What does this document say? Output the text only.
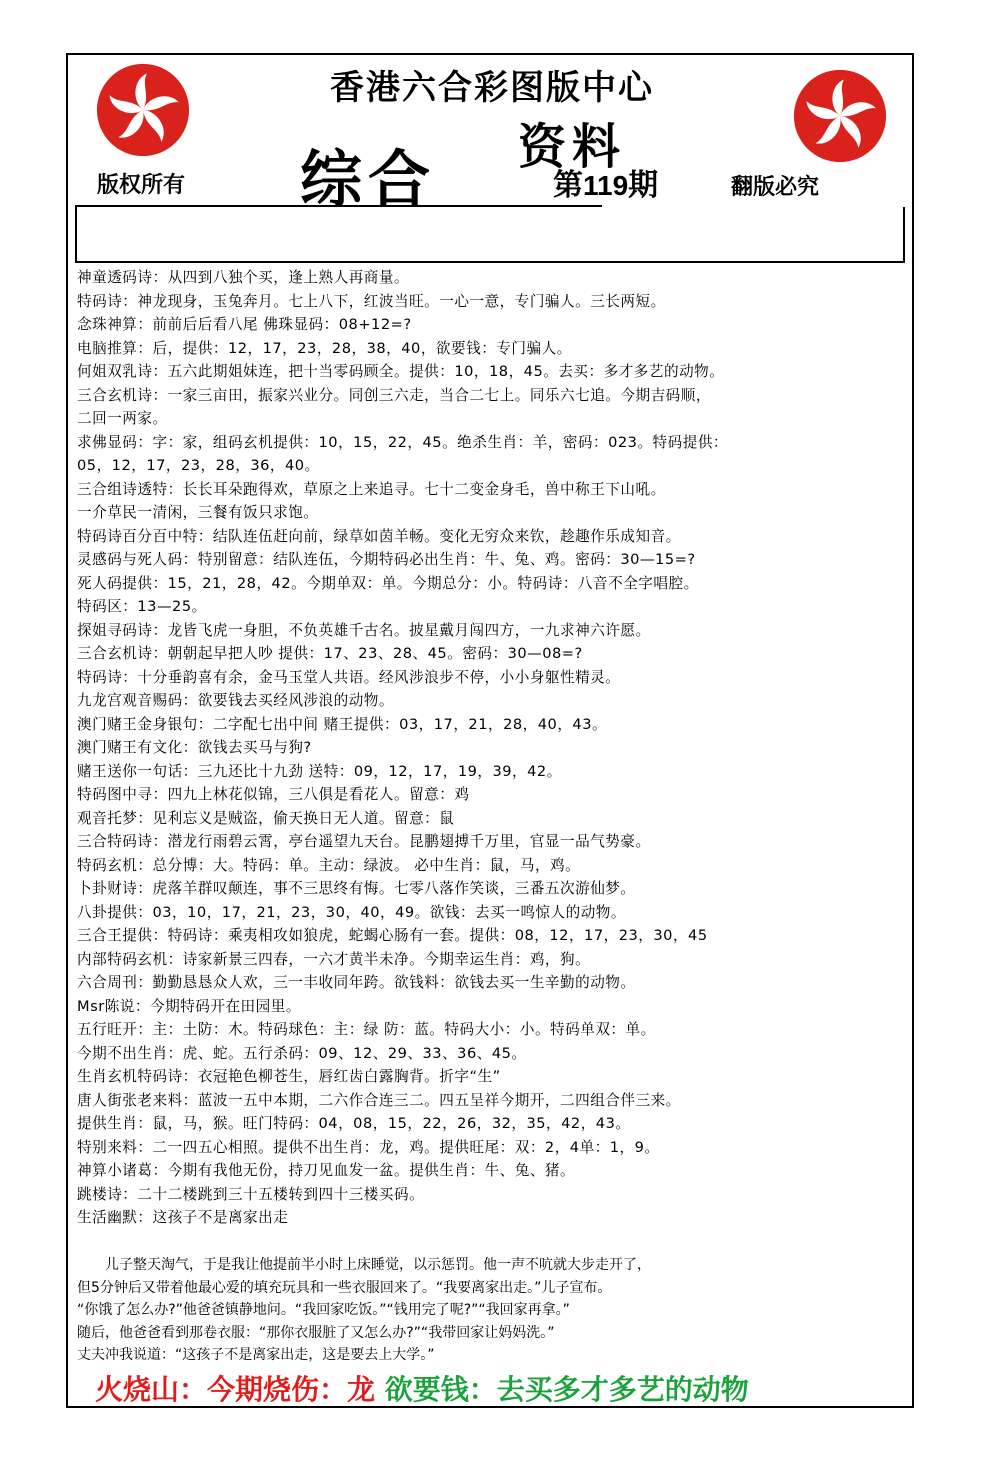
香港六合彩图版中心
版权所有	翻版必究
综合 资料
第119期
神童透码诗：从四到八独个买，逢上熟人再商量。
特码诗：神龙现身，玉兔奔月。七上八下，红波当旺。一心一意，专门骗人。三长两短。
念珠神算：前前后后看八尾 佛珠显码：08+12=?
电脑推算：后，提供：12，17，23，28，38，40，欲要钱：专门骗人。
何姐双乳诗：五六此期姐妹连，把十当零码顾全。提供：10，18，45。去买：多才多艺的动物。
三合玄机诗：一家三亩田，振家兴业分。同创三六走，当合二七上。同乐六七追。今期吉码顺，
二回一两家。
求佛显码：字：家，组码玄机提供：10，15，22，45。绝杀生肖：羊，密码：023。特码提供：
05，12，17，23，28，36，40。
三合组诗透特：长长耳朵跑得欢，草原之上来追寻。七十二变金身毛，兽中称王下山吼。
一介草民一清闲，三餐有饭只求饱。
特码诗百分百中特：结队连伍赶向前，绿草如茵羊畅。变化无穷众来钦，趁趣作乐成知音。
灵感码与死人码：特别留意：结队连伍，今期特码必出生肖：牛、兔、鸡。密码：30—15=?
死人码提供：15，21，28，42。今期单双：单。今期总分：小。特码诗：八音不全字唱腔。
特码区：13—25。
探姐寻码诗：龙皆飞虎一身胆，不负英雄千古名。披星戴月闯四方，一九求神六许愿。
三合玄机诗：朝朝起早把人吵 提供：17、23、28、45。密码：30—08=?
特码诗：十分垂韵喜有余，金马玉堂人共语。经风涉浪步不停，小小身躯性精灵。
九龙宫观音赐码：欲要钱去买经风涉浪的动物。
澳门赌王金身银句：二字配七出中间 赌王提供：03，17，21，28，40，43。
澳门赌王有文化：欲钱去买马与狗?
赌王送你一句话：三九还比十九劲 送特：09，12，17，19，39，42。
特码图中寻：四九上林花似锦，三八俱是看花人。留意：鸡
观音托梦：见利忘义是贼盗，偷天换日无人道。留意：鼠
三合特码诗：潜龙行雨碧云霄，亭台遥望九天台。昆鹏翅搏千万里，官显一品气势豪。
特码玄机：总分博：大。特码：单。主动：绿波。 必中生肖：鼠，马，鸡。
卜卦财诗：虎落羊群叹颠连，事不三思终有悔。七零八落作笑谈，三番五次游仙梦。
八卦提供：03，10，17，21，23，30，40，49。欲钱：去买一鸣惊人的动物。
三合王提供：特码诗：乘夷相攻如狼虎，蛇蝎心肠有一套。提供：08，12，17，23，30，45
内部特码玄机：诗家新景三四春，一六才黄半未净。今期幸运生肖：鸡，狗。
六合周刊：勤勤恳恳众人欢，三一丰收同年跨。欲钱料：欲钱去买一生辛勤的动物。
Msr陈说：今期特码开在田园里。
五行旺开：主：土防：木。特码球色：主：绿 防：蓝。特码大小：小。特码单双：单。
今期不出生肖：虎、蛇。五行杀码：09、12、29、33、36、45。
生肖玄机特码诗：衣冠艳色柳苍生，唇红齿白露胸背。折字“生”
唐人街张老来料：蓝波一五中本期，二六作合连三二。四五呈祥今期开，二四组合伴三来。
提供生肖：鼠，马，猴。旺门特码：04，08，15，22，26，32，35，42，43。
特别来料：二一四五心相照。提供不出生肖：龙，鸡。提供旺尾：双：2，4单：1，9。
神算小诸葛：今期有我他无份，持刀见血发一盆。提供生肖：牛、兔、猪。
跳楼诗：二十二楼跳到三十五楼转到四十三楼买码。
生活幽默：这孩子不是离家出走
　　儿子整天淘气，于是我让他提前半小时上床睡觉，以示惩罚。他一声不吭就大步走开了，
但5分钟后又带着他最心爱的填充玩具和一些衣服回来了。“我要离家出走。”儿子宣布。
“你饿了怎么办?”他爸爸镇静地问。“我回家吃饭。”“钱用完了呢?”“我回家再拿。”
随后，他爸爸看到那卷衣服：“那你衣服脏了又怎么办?”“我带回家让妈妈洗。”
丈夫冲我说道：“这孩子不是离家出走，这是要去上大学。”
火烧山：今期烧伤：龙 欲要钱：去买多才多艺的动物
